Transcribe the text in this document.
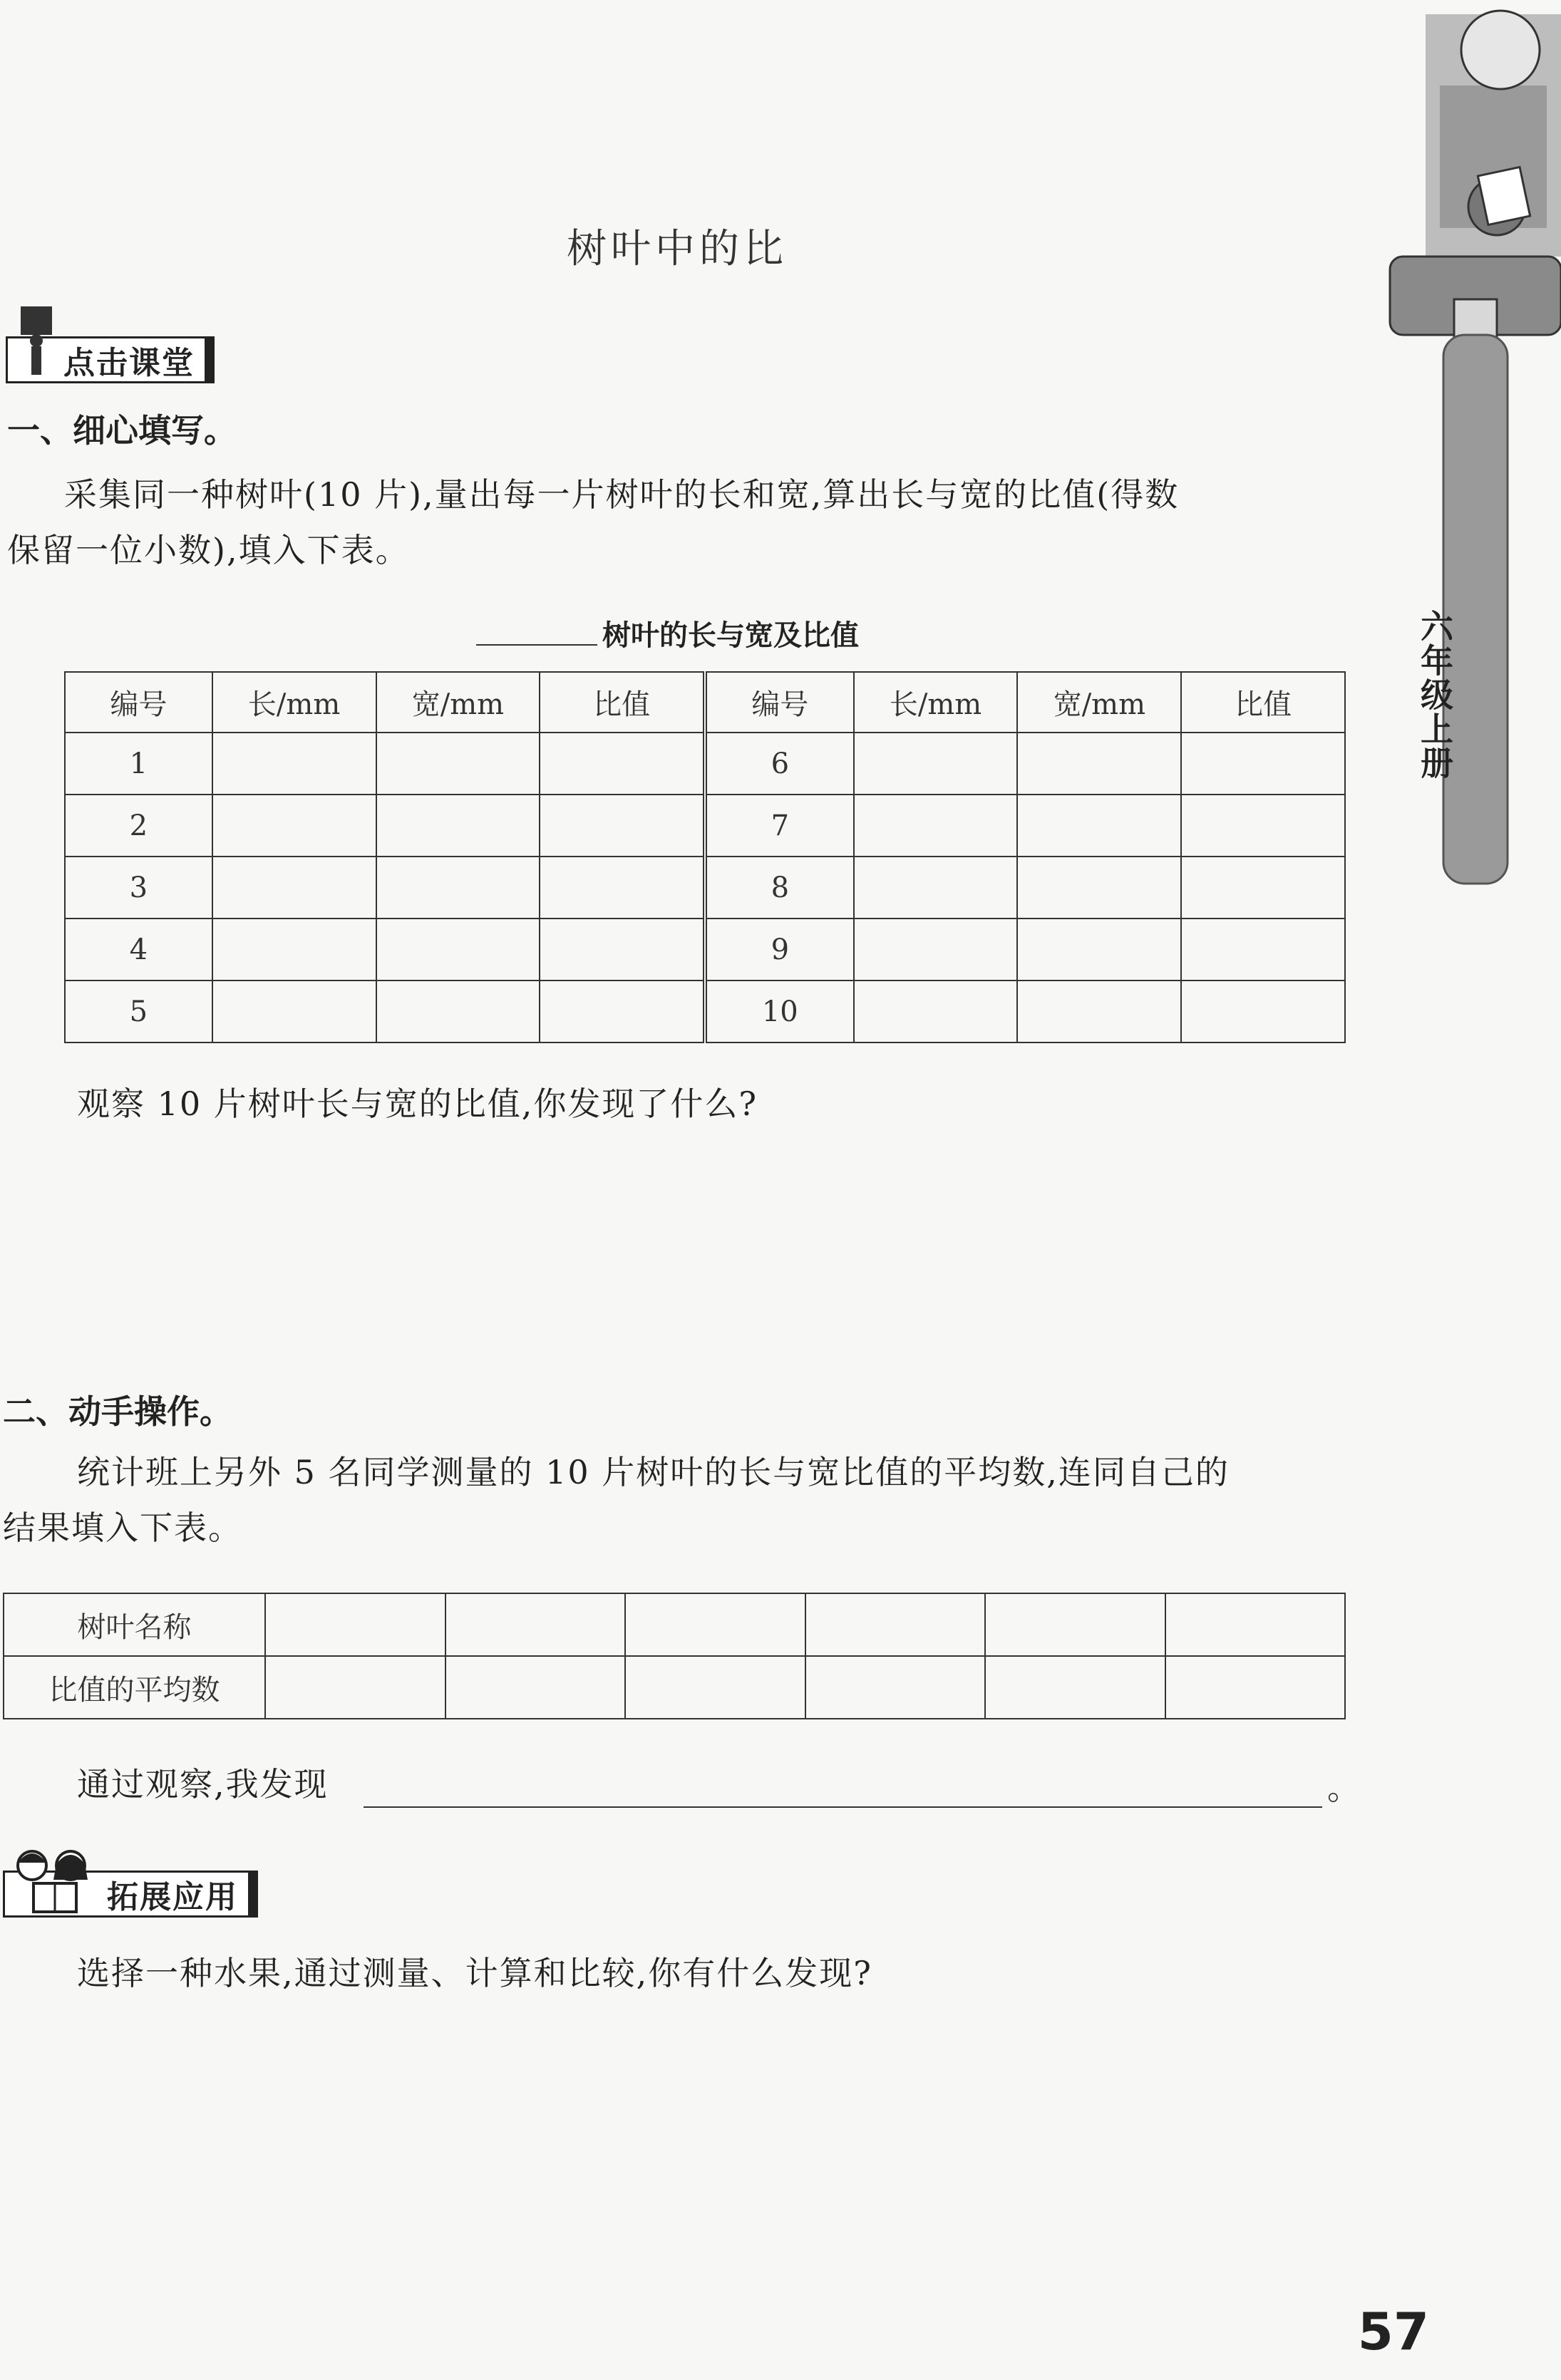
六年级上册
树叶中的比
点击课堂
一、细心填写。
采集同一种树叶(10 片),量出每一片树叶的长和宽,算出长与宽的比值(得数
保留一位小数),填入下表。
树叶的长与宽及比值
编号	长/mm	宽/mm	比值	编号	长/mm	宽/mm	比值
1				6			
2				7			
3				8			
4				9			
5				10			
观察 10 片树叶长与宽的比值,你发现了什么?
二、动手操作。
统计班上另外 5 名同学测量的 10 片树叶的长与宽比值的平均数,连同自己的
结果填入下表。
树叶名称						
比值的平均数						
通过观察,我发现	。
拓展应用
选择一种水果,通过测量、计算和比较,你有什么发现?
57
